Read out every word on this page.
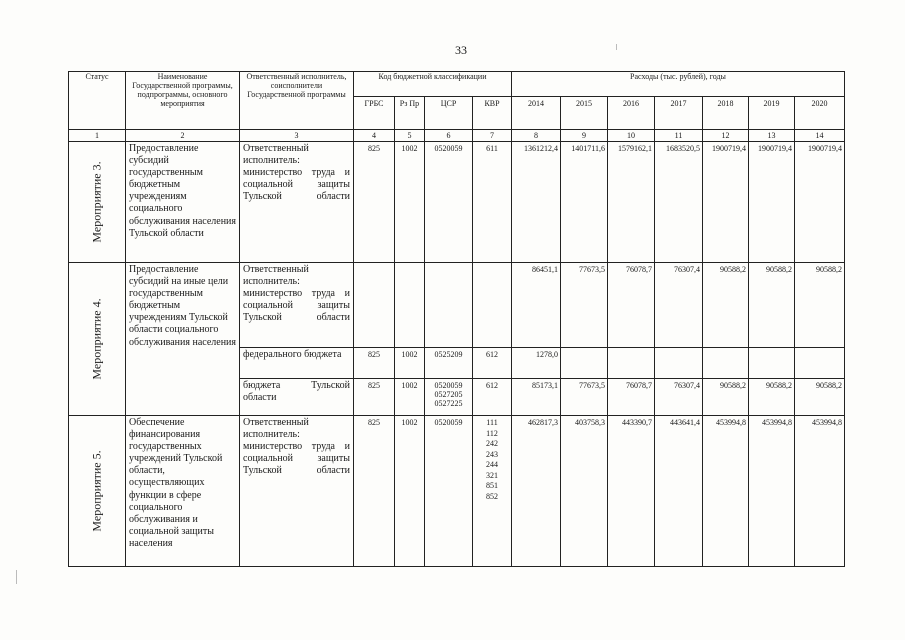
33
Статус	Наименование Государственной программы, подпрограммы, основного мероприятия	Ответственный исполнитель, соисполнители Государственной программы	Код бюджетной классификации				Расходы (тыс. рублей), годы						
			ГРБС	Рз Пр	ЦСР	КВР	2014	2015	2016	2017	2018	2019	2020
1	2	3	4	5	6	7	8	9	10	11	12	13	14

Мероприятие 3.	Предоставление субсидий государственным бюджетным учреждениям социального обслуживания населения Тульской области	Ответственный исполнитель: министерство труда и социальной защиты Тульской области	825	1002	0520059	611	1361212,4	1401711,6	1579162,1	1683520,5	1900719,4	1900719,4	1900719,4

Мероприятие 4.	Предоставление субсидий на иные цели государственным бюджетным учреждениям Тульской области социального обслуживания населения	Ответственный исполнитель: министерство труда и социальной защиты Тульской области					86451,1	77673,5	76078,7	76307,4	90588,2	90588,2	90588,2
		федерального бюджета	825	1002	0525209	612	1278,0						
		бюджета Тульской области	825	1002	0520059 0527205 0527225	612	85173,1	77673,5	76078,7	76307,4	90588,2	90588,2	90588,2

Мероприятие 5.	Обеспечение финансирования государственных учреждений Тульской области, осуществляющих функции в сфере социального обслуживания и социальной защиты населения	Ответственный исполнитель: министерство труда и социальной защиты Тульской области	825	1002	0520059	111 112 242 243 244 321 851 852	462817,3	403758,3	443390,7	443641,4	453994,8	453994,8	453994,8
